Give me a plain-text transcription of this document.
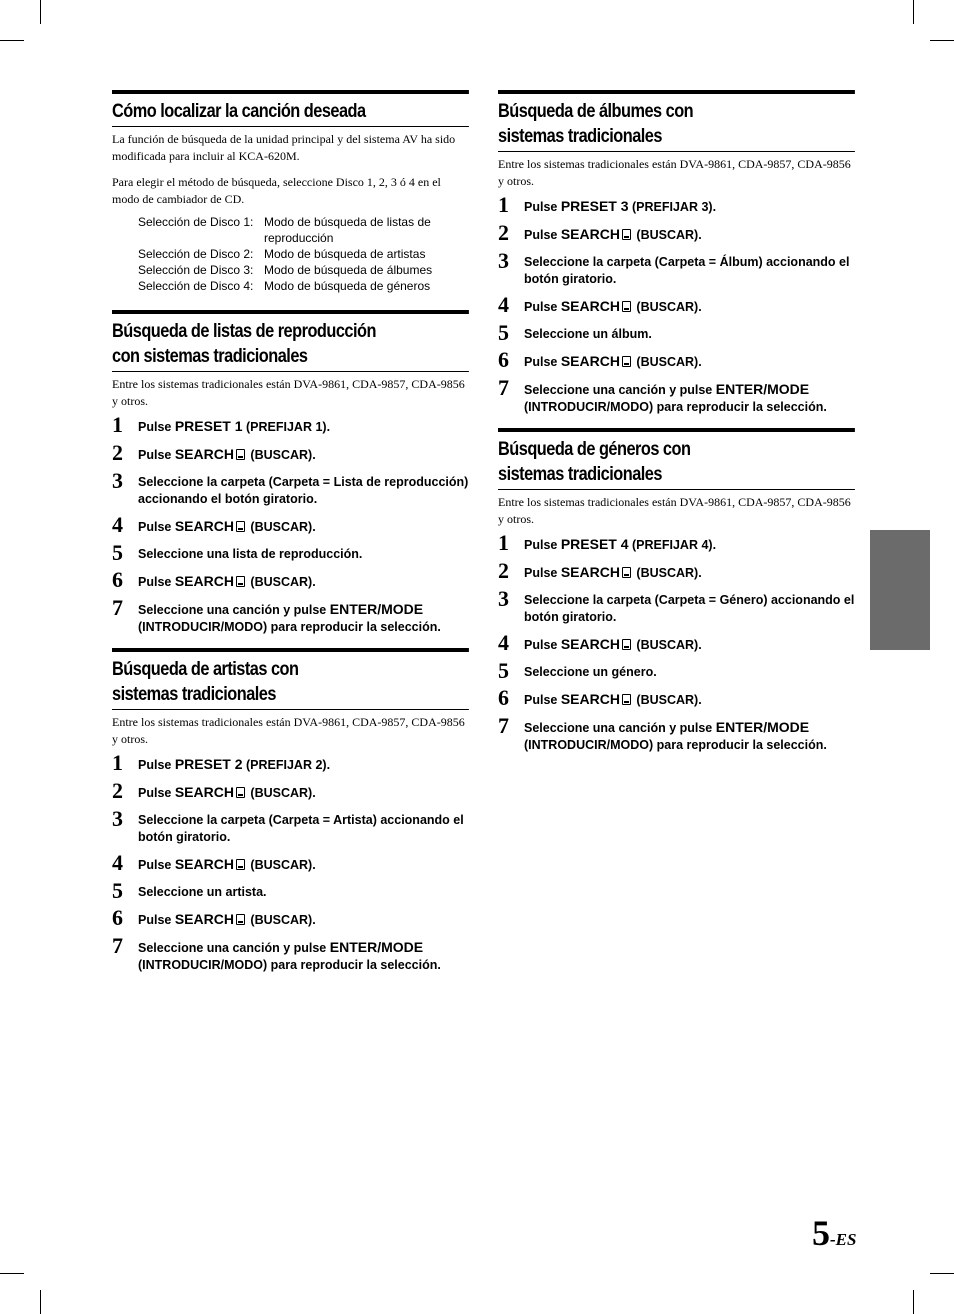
Cómo localizar la canción deseada

La función de búsqueda de la unidad principal y del sistema AV ha sido modificada para incluir al KCA-620M.

Para elegir el método de búsqueda, seleccione Disco 1, 2, 3 ó 4 en el modo de cambiador de CD.

Selección de Disco 1: Modo de búsqueda de listas de reproducción
Selección de Disco 2: Modo de búsqueda de artistas
Selección de Disco 3: Modo de búsqueda de álbumes
Selección de Disco 4: Modo de búsqueda de géneros
Búsqueda de listas de reproducción
con sistemas tradicionales
Entre los sistemas tradicionales están DVA-9861, CDA-9857, CDA-9856 y otros.
1	Pulse PRESET 1 (PREFIJAR 1).
2	Pulse SEARCH (BUSCAR).
3	Seleccione la carpeta (Carpeta = Lista de reproducción) accionando el botón giratorio.
4	Pulse SEARCH (BUSCAR).
5	Seleccione una lista de reproducción.
6	Pulse SEARCH (BUSCAR).
7	Seleccione una canción y pulse ENTER/MODE (INTRODUCIR/MODO) para reproducir la selección.
Búsqueda de artistas con
sistemas tradicionales
Entre los sistemas tradicionales están DVA-9861, CDA-9857, CDA-9856 y otros.
1	Pulse PRESET 2 (PREFIJAR 2).
2	Pulse SEARCH (BUSCAR).
3	Seleccione la carpeta (Carpeta = Artista) accionando el botón giratorio.
4	Pulse SEARCH (BUSCAR).
5	Seleccione un artista.
6	Pulse SEARCH (BUSCAR).
7	Seleccione una canción y pulse ENTER/MODE (INTRODUCIR/MODO) para reproducir la selección.
Búsqueda de álbumes con
sistemas tradicionales
Entre los sistemas tradicionales están DVA-9861, CDA-9857, CDA-9856 y otros.
1	Pulse PRESET 3 (PREFIJAR 3).
2	Pulse SEARCH (BUSCAR).
3	Seleccione la carpeta (Carpeta = Álbum) accionando el botón giratorio.
4	Pulse SEARCH (BUSCAR).
5	Seleccione un álbum.
6	Pulse SEARCH (BUSCAR).
7	Seleccione una canción y pulse ENTER/MODE (INTRODUCIR/MODO) para reproducir la selección.
Búsqueda de géneros con
sistemas tradicionales
Entre los sistemas tradicionales están DVA-9861, CDA-9857, CDA-9856 y otros.
1	Pulse PRESET 4 (PREFIJAR 4).
2	Pulse SEARCH (BUSCAR).
3	Seleccione la carpeta (Carpeta = Género) accionando el botón giratorio.
4	Pulse SEARCH (BUSCAR).
5	Seleccione un género.
6	Pulse SEARCH (BUSCAR).
7	Seleccione una canción y pulse ENTER/MODE (INTRODUCIR/MODO) para reproducir la selección.
5-ES
